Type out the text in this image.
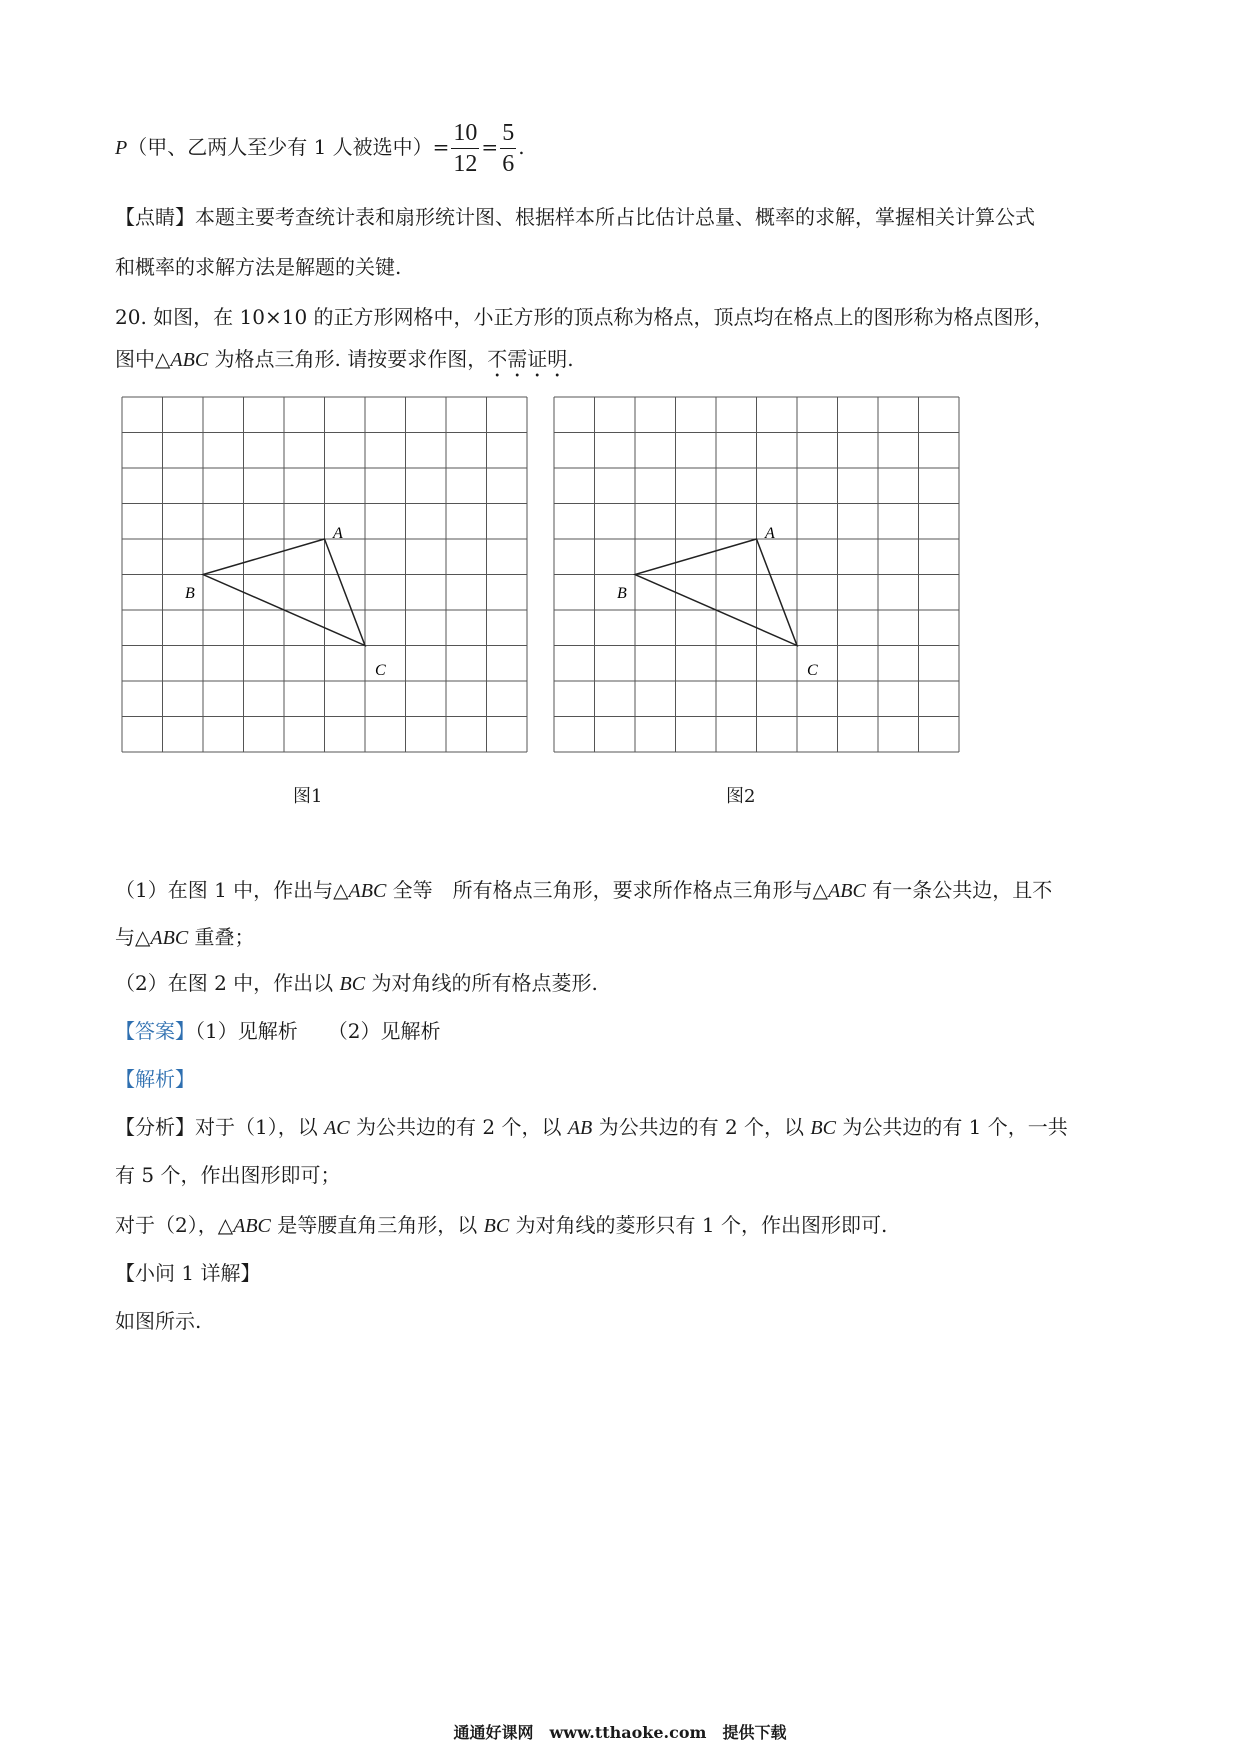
P（甲、乙两人至少有 1 人被选中）= $\frac{10}{12} = \frac{5}{6}$ .
【点睛】本题主要考查统计表和扇形统计图、根据样本所占比估计总量、概率的求解，掌握相关计算公式
和概率的求解方法是解题的关键.
20. 如图，在 10×10 的正方形网格中，小正方形的顶点称为格点，顶点均在格点上的图形称为格点图形，
图中△ABC 为格点三角形. 请按要求作图，不需证明.
A
B
C
A
B
C
图1	图2
（1）在图 1 中，作出与△ABC 全等　所有格点三角形，要求所作格点三角形与△ABC 有一条公共边，且不
与△ABC 重叠；
（2）在图 2 中，作出以 BC 为对角线的所有格点菱形.
【答案】（1）见解析　　（2）见解析
【解析】
【分析】对于（1），以 AC 为公共边的有 2 个，以 AB 为公共边的有 2 个，以 BC 为公共边的有 1 个，一共
有 5 个，作出图形即可；
对于（2），△ABC 是等腰直角三角形，以 BC 为对角线的菱形只有 1 个，作出图形即可.
【小问 1 详解】
如图所示.
通通好课网　www.tthaoke.com　提供下载
